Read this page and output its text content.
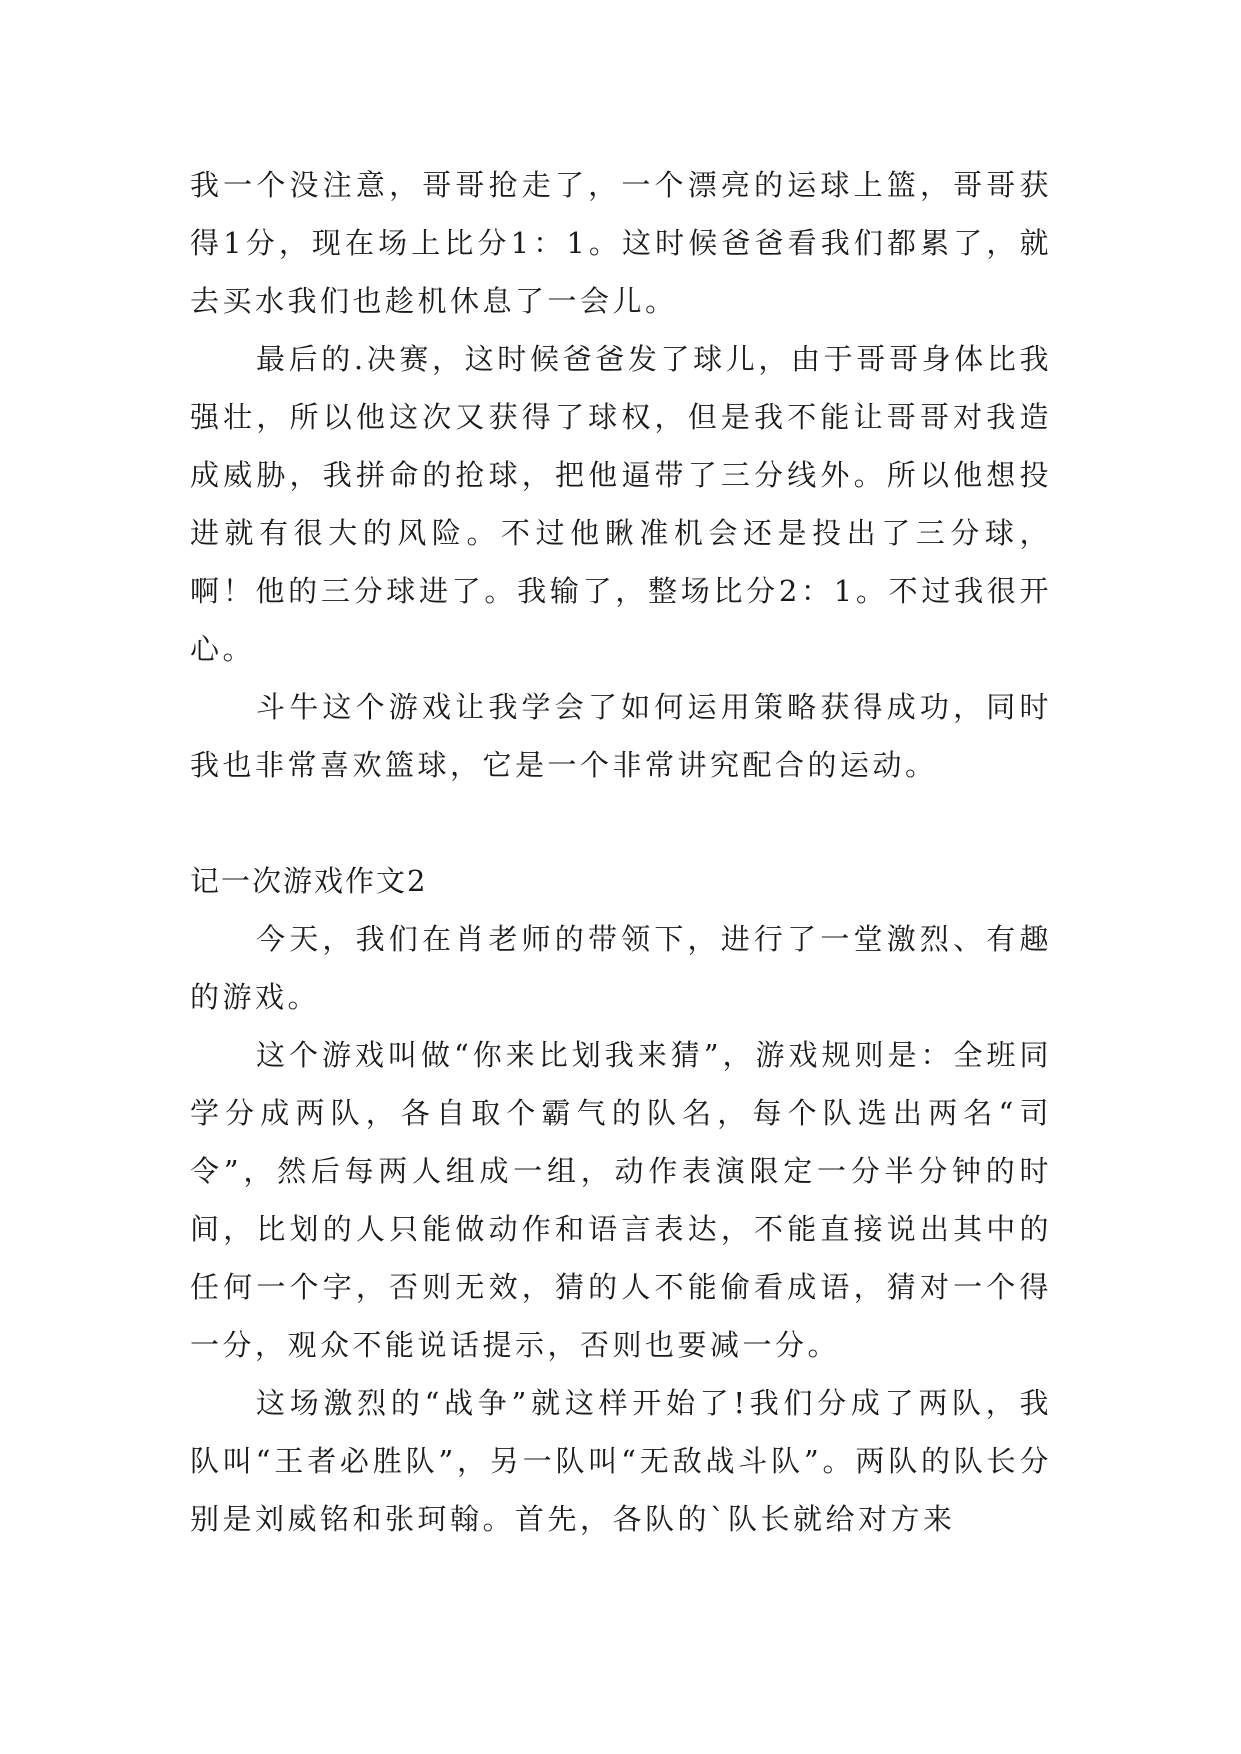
我一个没注意，哥哥抢走了，一个漂亮的运球上篮，哥哥获得1分，现在场上比分1：1。这时候爸爸看我们都累了，就去买水我们也趁机休息了一会儿。

最后的.决赛，这时候爸爸发了球儿，由于哥哥身体比我强壮，所以他这次又获得了球权，但是我不能让哥哥对我造成威胁，我拼命的抢球，把他逼带了三分线外。所以他想投进就有很大的风险。不过他瞅准机会还是投出了三分球，啊！他的三分球进了。我输了，整场比分2：1。不过我很开心。

斗牛这个游戏让我学会了如何运用策略获得成功，同时我也非常喜欢篮球，它是一个非常讲究配合的运动。

记一次游戏作文2

今天，我们在肖老师的带领下，进行了一堂激烈、有趣的游戏。

这个游戏叫做“你来比划我来猜”，游戏规则是：全班同学分成两队，各自取个霸气的队名，每个队选出两名“司令”，然后每两人组成一组，动作表演限定一分半分钟的时间，比划的人只能做动作和语言表达，不能直接说出其中的任何一个字，否则无效，猜的人不能偷看成语，猜对一个得一分，观众不能说话提示，否则也要减一分。

这场激烈的“战争”就这样开始了!我们分成了两队，我队叫“王者必胜队”，另一队叫“无敌战斗队”。两队的队长分别是刘威铭和张珂翰。首先，各队的`队长就给对方来
